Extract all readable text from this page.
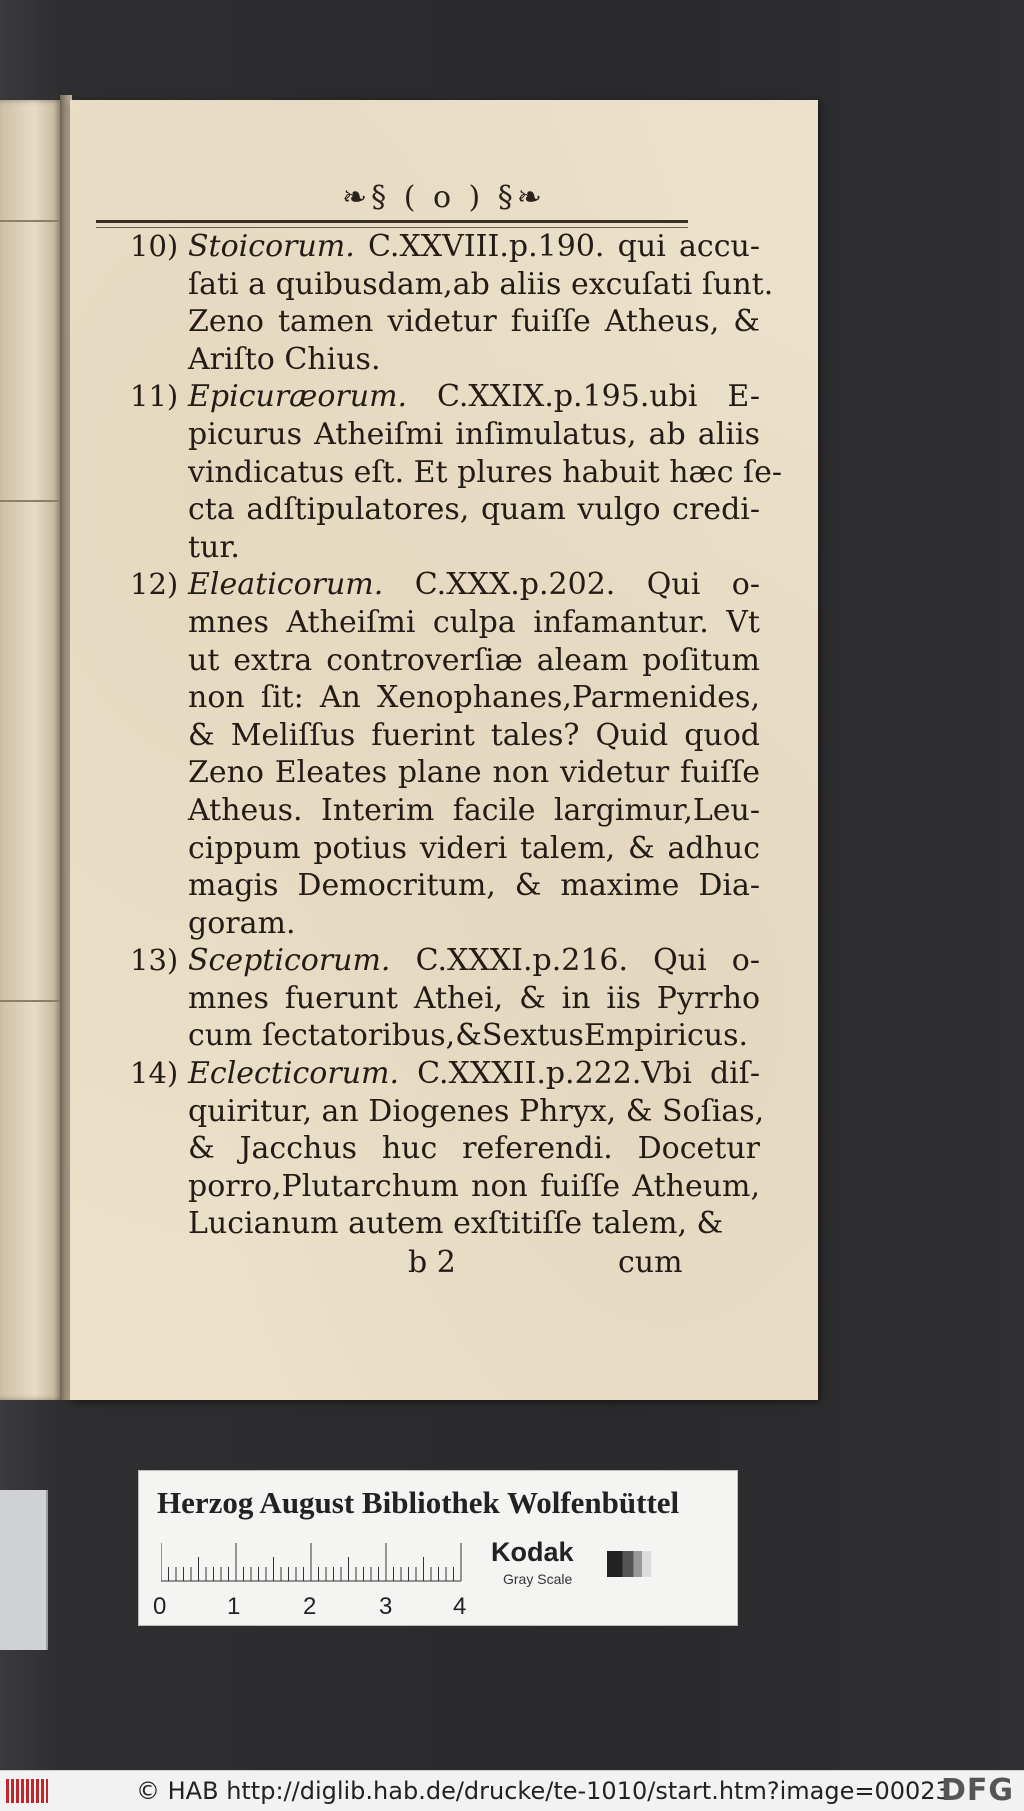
❧§ ( o ) §❧
10) Stoicorum. C.XXVIII.p.190. qui accu-
ſati a quibusdam,ab aliis excuſati ſunt.
Zeno tamen videtur fuiſſe Atheus, &
Ariſto Chius.
11) Epicuræorum. C.XXIX.p.195.ubi E-
picurus Atheiſmi inſimulatus, ab aliis
vindicatus eſt. Et plures habuit hæc ſe-
cta adſtipulatores, quam vulgo credi-
tur.
12) Eleaticorum. C.XXX.p.202. Qui o-
mnes Atheiſmi culpa infamantur. Vt
ut extra controverſiæ aleam poſitum
non ſit: An Xenophanes,Parmenides,
& Meliſſus fuerint tales? Quid quod
Zeno Eleates plane non videtur fuiſſe
Atheus. Interim facile largimur,Leu-
cippum potius videri talem, & adhuc
magis Democritum, & maxime Dia-
goram.
13) Scepticorum. C.XXXI.p.216. Qui o-
mnes fuerunt Athei, & in iis Pyrrho
cum ſectatoribus,&SextusEmpiricus.
14) Eclecticorum. C.XXXII.p.222.Vbi diſ-
quiritur, an Diogenes Phryx, & Soſias,
& Jacchus huc referendi. Docetur
porro,Plutarchum non fuiſſe Atheum,
Lucianum autem exſtitiſſe talem, &
b 2	cum
Herzog August Bibliothek Wolfenbüttel
Kodak
Gray Scale
0	1	2	3	4
© HAB http://diglib.hab.de/drucke/te-1010/start.htm?image=00023
DFG
